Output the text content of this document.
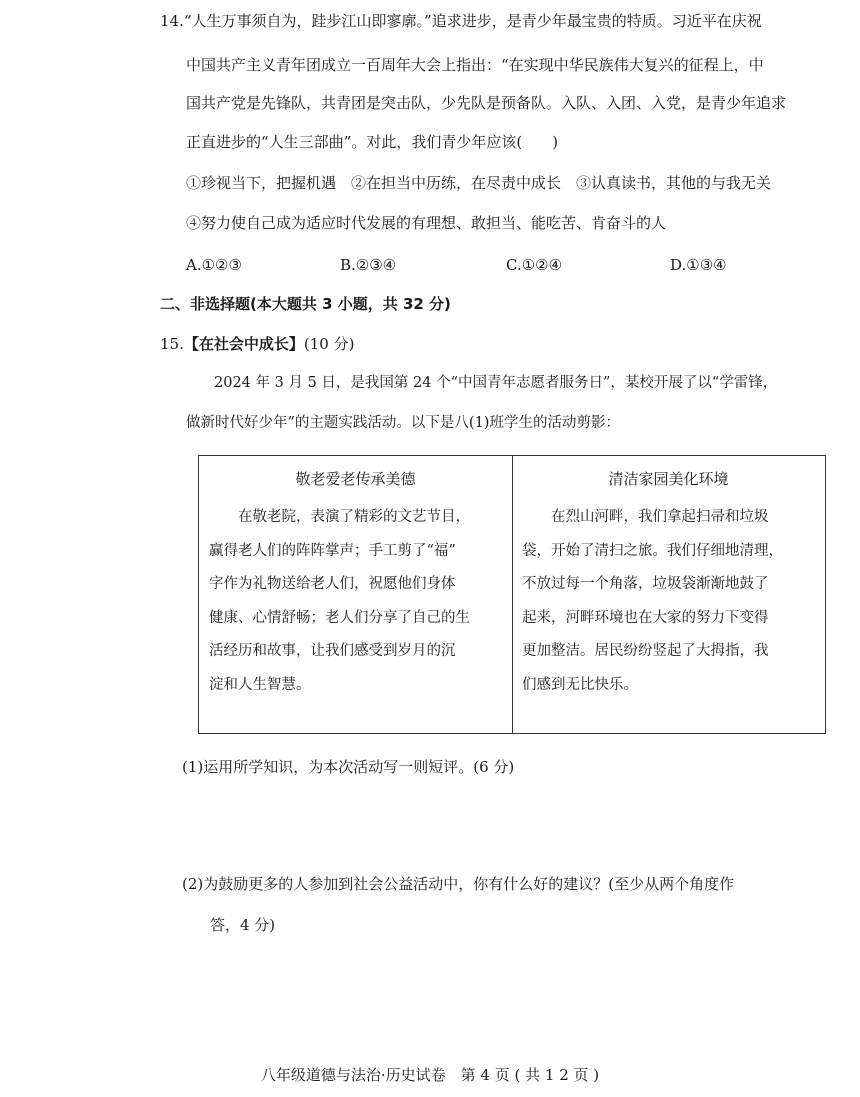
14.“人生万事须自为，跬步江山即寥廓。”追求进步，是青少年最宝贵的特质。习近平在庆祝
中国共产主义青年团成立一百周年大会上指出：“在实现中华民族伟大复兴的征程上，中
国共产党是先锋队，共青团是突击队，少先队是预备队。入队、入团、入党，是青少年追求
正直进步的“人生三部曲”。对此，我们青少年应该(　　)
①珍视当下，把握机遇　②在担当中历练，在尽责中成长　③认真读书，其他的与我无关
④努力使自己成为适应时代发展的有理想、敢担当、能吃苦、肯奋斗的人
A.①②③	B.②③④	C.①②④	D.①③④
二、非选择题(本大题共 3 小题，共 32 分)
15.【在社会中成长】(10 分)
2024 年 3 月 5 日，是我国第 24 个“中国青年志愿者服务日”，某校开展了以“学雷锋，
做新时代好少年”的主题实践活动。以下是八(1)班学生的活动剪影：
敬老爱老传承美德
　　在敬老院，表演了精彩的文艺节目，
赢得老人们的阵阵掌声；手工剪了“福”
字作为礼物送给老人们，祝愿他们身体
健康、心情舒畅；老人们分享了自己的生
活经历和故事，让我们感受到岁月的沉
淀和人生智慧。
清洁家园美化环境
　　在烈山河畔，我们拿起扫帚和垃圾
袋，开始了清扫之旅。我们仔细地清理，
不放过每一个角落，垃圾袋渐渐地鼓了
起来，河畔环境也在大家的努力下变得
更加整洁。居民纷纷竖起了大拇指，我
们感到无比快乐。
(1)运用所学知识，为本次活动写一则短评。(6 分)
(2)为鼓励更多的人参加到社会公益活动中，你有什么好的建议？(至少从两个角度作
答，4 分)
八年级道德与法治·历史试卷　第 4 页 ( 共 1 2 页 )
